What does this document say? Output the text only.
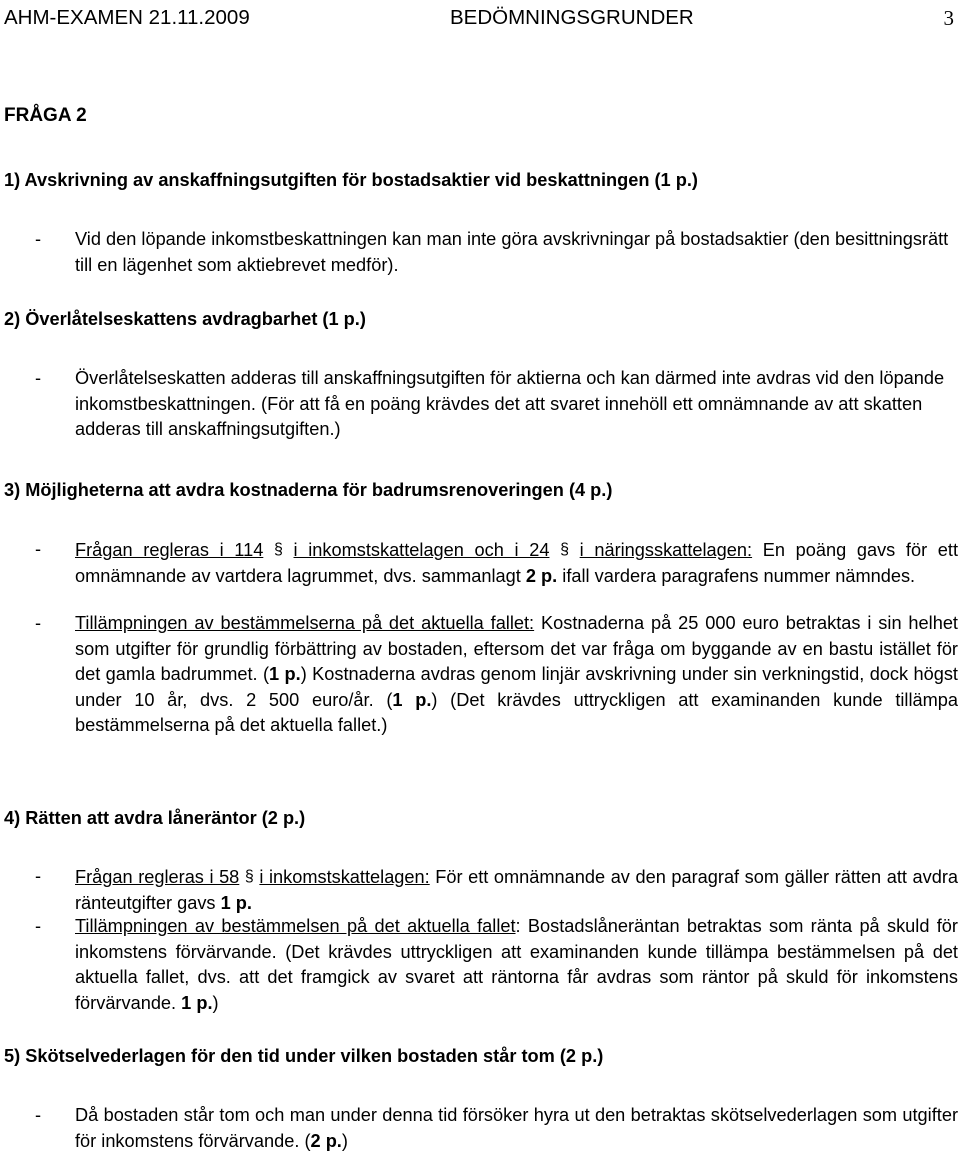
AHM-EXAMEN 21.11.2009	BEDÖMNINGSGRUNDER	3
FRÅGA 2
1) Avskrivning av anskaffningsutgiften för bostadsaktier vid beskattningen (1 p.)
- Vid den löpande inkomstbeskattningen kan man inte göra avskrivningar på bostadsaktier (den besittningsrätt till en lägenhet som aktiebrevet medför).
2) Överlåtelseskattens avdragbarhet (1 p.)
- Överlåtelseskatten adderas till anskaffningsutgiften för aktierna och kan därmed inte avdras vid den löpande inkomstbeskattningen. (För att få en poäng krävdes det att svaret innehöll ett omnämnande av att skatten adderas till anskaffningsutgiften.)
3) Möjligheterna att avdra kostnaderna för badrumsrenoveringen (4 p.)
- Frågan regleras i 114 § i inkomstskattelagen och i 24 § i näringsskattelagen: En poäng gavs för ett omnämnande av vartdera lagrummet, dvs. sammanlagt 2 p. ifall vardera paragrafens nummer nämndes.
- Tillämpningen av bestämmelserna på det aktuella fallet: Kostnaderna på 25 000 euro betraktas i sin helhet som utgifter för grundlig förbättring av bostaden, eftersom det var fråga om byggande av en bastu istället för det gamla badrummet. (1 p.) Kostnaderna avdras genom linjär avskrivning under sin verkningstid, dock högst under 10 år, dvs. 2 500 euro/år. (1 p.) (Det krävdes uttryckligen att examinanden kunde tillämpa bestämmelserna på det aktuella fallet.)
4) Rätten att avdra låneräntor (2 p.)
- Frågan regleras i 58 § i inkomstskattelagen: För ett omnämnande av den paragraf som gäller rätten att avdra ränteutgifter gavs 1 p.
- Tillämpningen av bestämmelsen på det aktuella fallet: Bostadslåneräntan betraktas som ränta på skuld för inkomstens förvärvande. (Det krävdes uttryckligen att examinanden kunde tillämpa bestämmelsen på det aktuella fallet, dvs. att det framgick av svaret att räntorna får avdras som räntor på skuld för inkomstens förvärvande. 1 p.)
5) Skötselvederlagen för den tid under vilken bostaden står tom (2 p.)
- Då bostaden står tom och man under denna tid försöker hyra ut den betraktas skötselvederlagen som utgifter för inkomstens förvärvande. (2 p.)
